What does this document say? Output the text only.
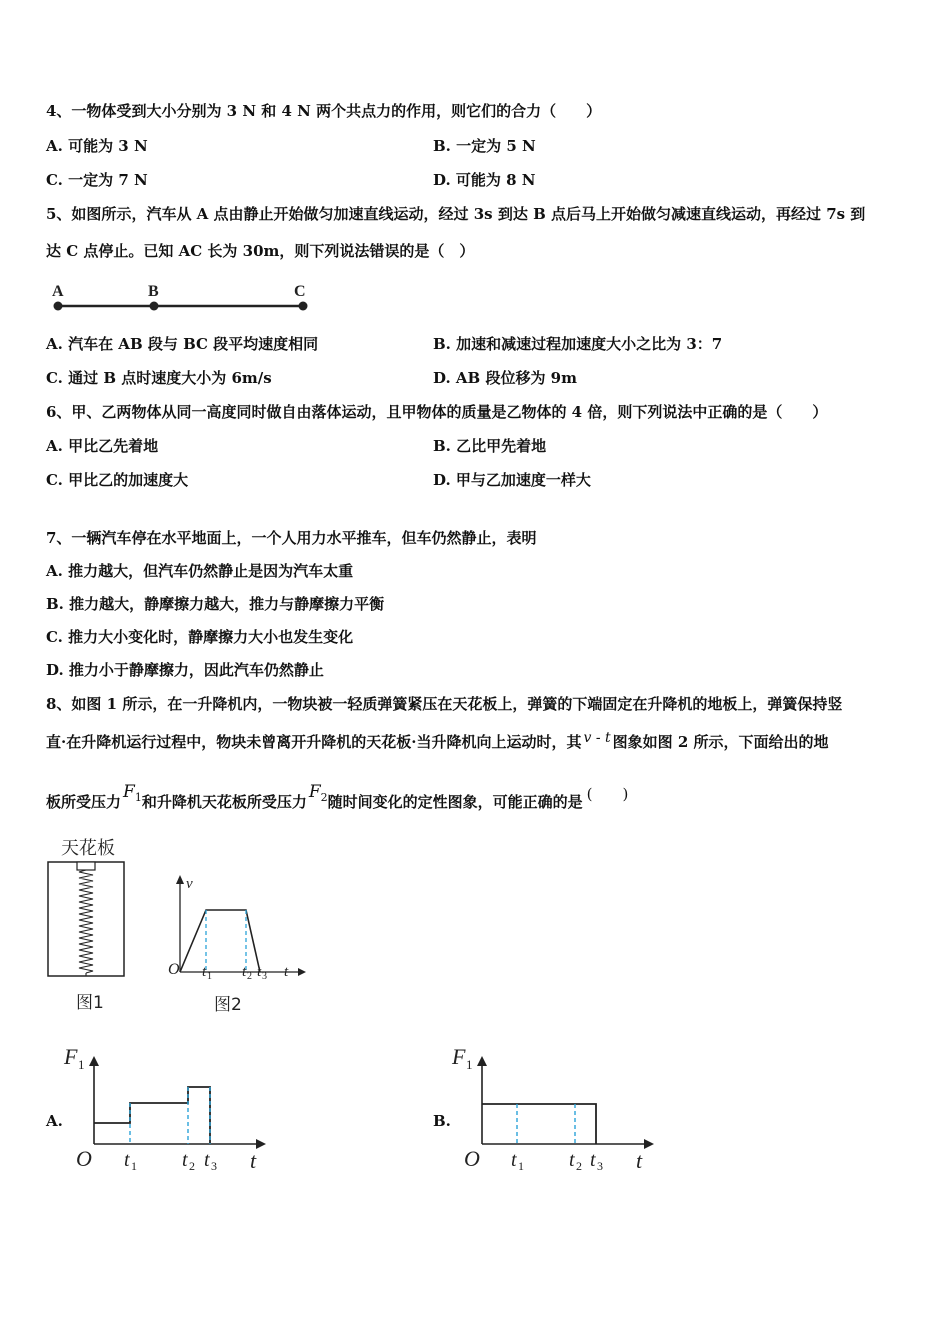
4、一物体受到大小分别为 3 N 和 4 N 两个共点力的作用，则它们的合力（　　）
A. 可能为 3 N	B. 一定为 5 N
C. 一定为 7 N	D. 可能为 8 N
5、如图所示，汽车从 A 点由静止开始做匀加速直线运动，经过 3s 到达 B 点后马上开始做匀减速直线运动，再经过 7s 到
达 C 点停止。已知 AC 长为 30m，则下列说法错误的是（　）
A	B	C
A. 汽车在 AB 段与 BC 段平均速度相同	B. 加速和减速过程加速度大小之比为 3：7
C. 通过 B 点时速度大小为 6m/s	D. AB 段位移为 9m
6、甲、乙两物体从同一高度同时做自由落体运动，且甲物体的质量是乙物体的 4 倍，则下列说法中正确的是（　　）
A. 甲比乙先着地	B. 乙比甲先着地
C. 甲比乙的加速度大	D. 甲与乙加速度一样大
7、一辆汽车停在水平地面上，一个人用力水平推车，但车仍然静止，表明
A. 推力越大，但汽车仍然静止是因为汽车太重
B. 推力越大，静摩擦力越大，推力与静摩擦力平衡
C. 推力大小变化时，静摩擦力大小也发生变化
D. 推力小于静摩擦力，因此汽车仍然静止
8、如图 1 所示，在一升降机内，一物块被一轻质弹簧紧压在天花板上，弹簧的下端固定在升降机的地板上，弹簧保持竖
直·在升降机运行过程中，物块未曾离开升降机的天花板·当升降机向上运动时，其 v - t 图象如图 2 所示，下面给出的地
板所受压力 $F^1$和升降机天花板所受压力 $F^2$随时间变化的定性图象，可能正确的是 (　　)
天花板
图1
v
O t 1 t 2 t 3 t
图2
A.
F 1
O t 1 t 2 t 3 t
B.
F 1
O t 1 t 2 t 3 t
